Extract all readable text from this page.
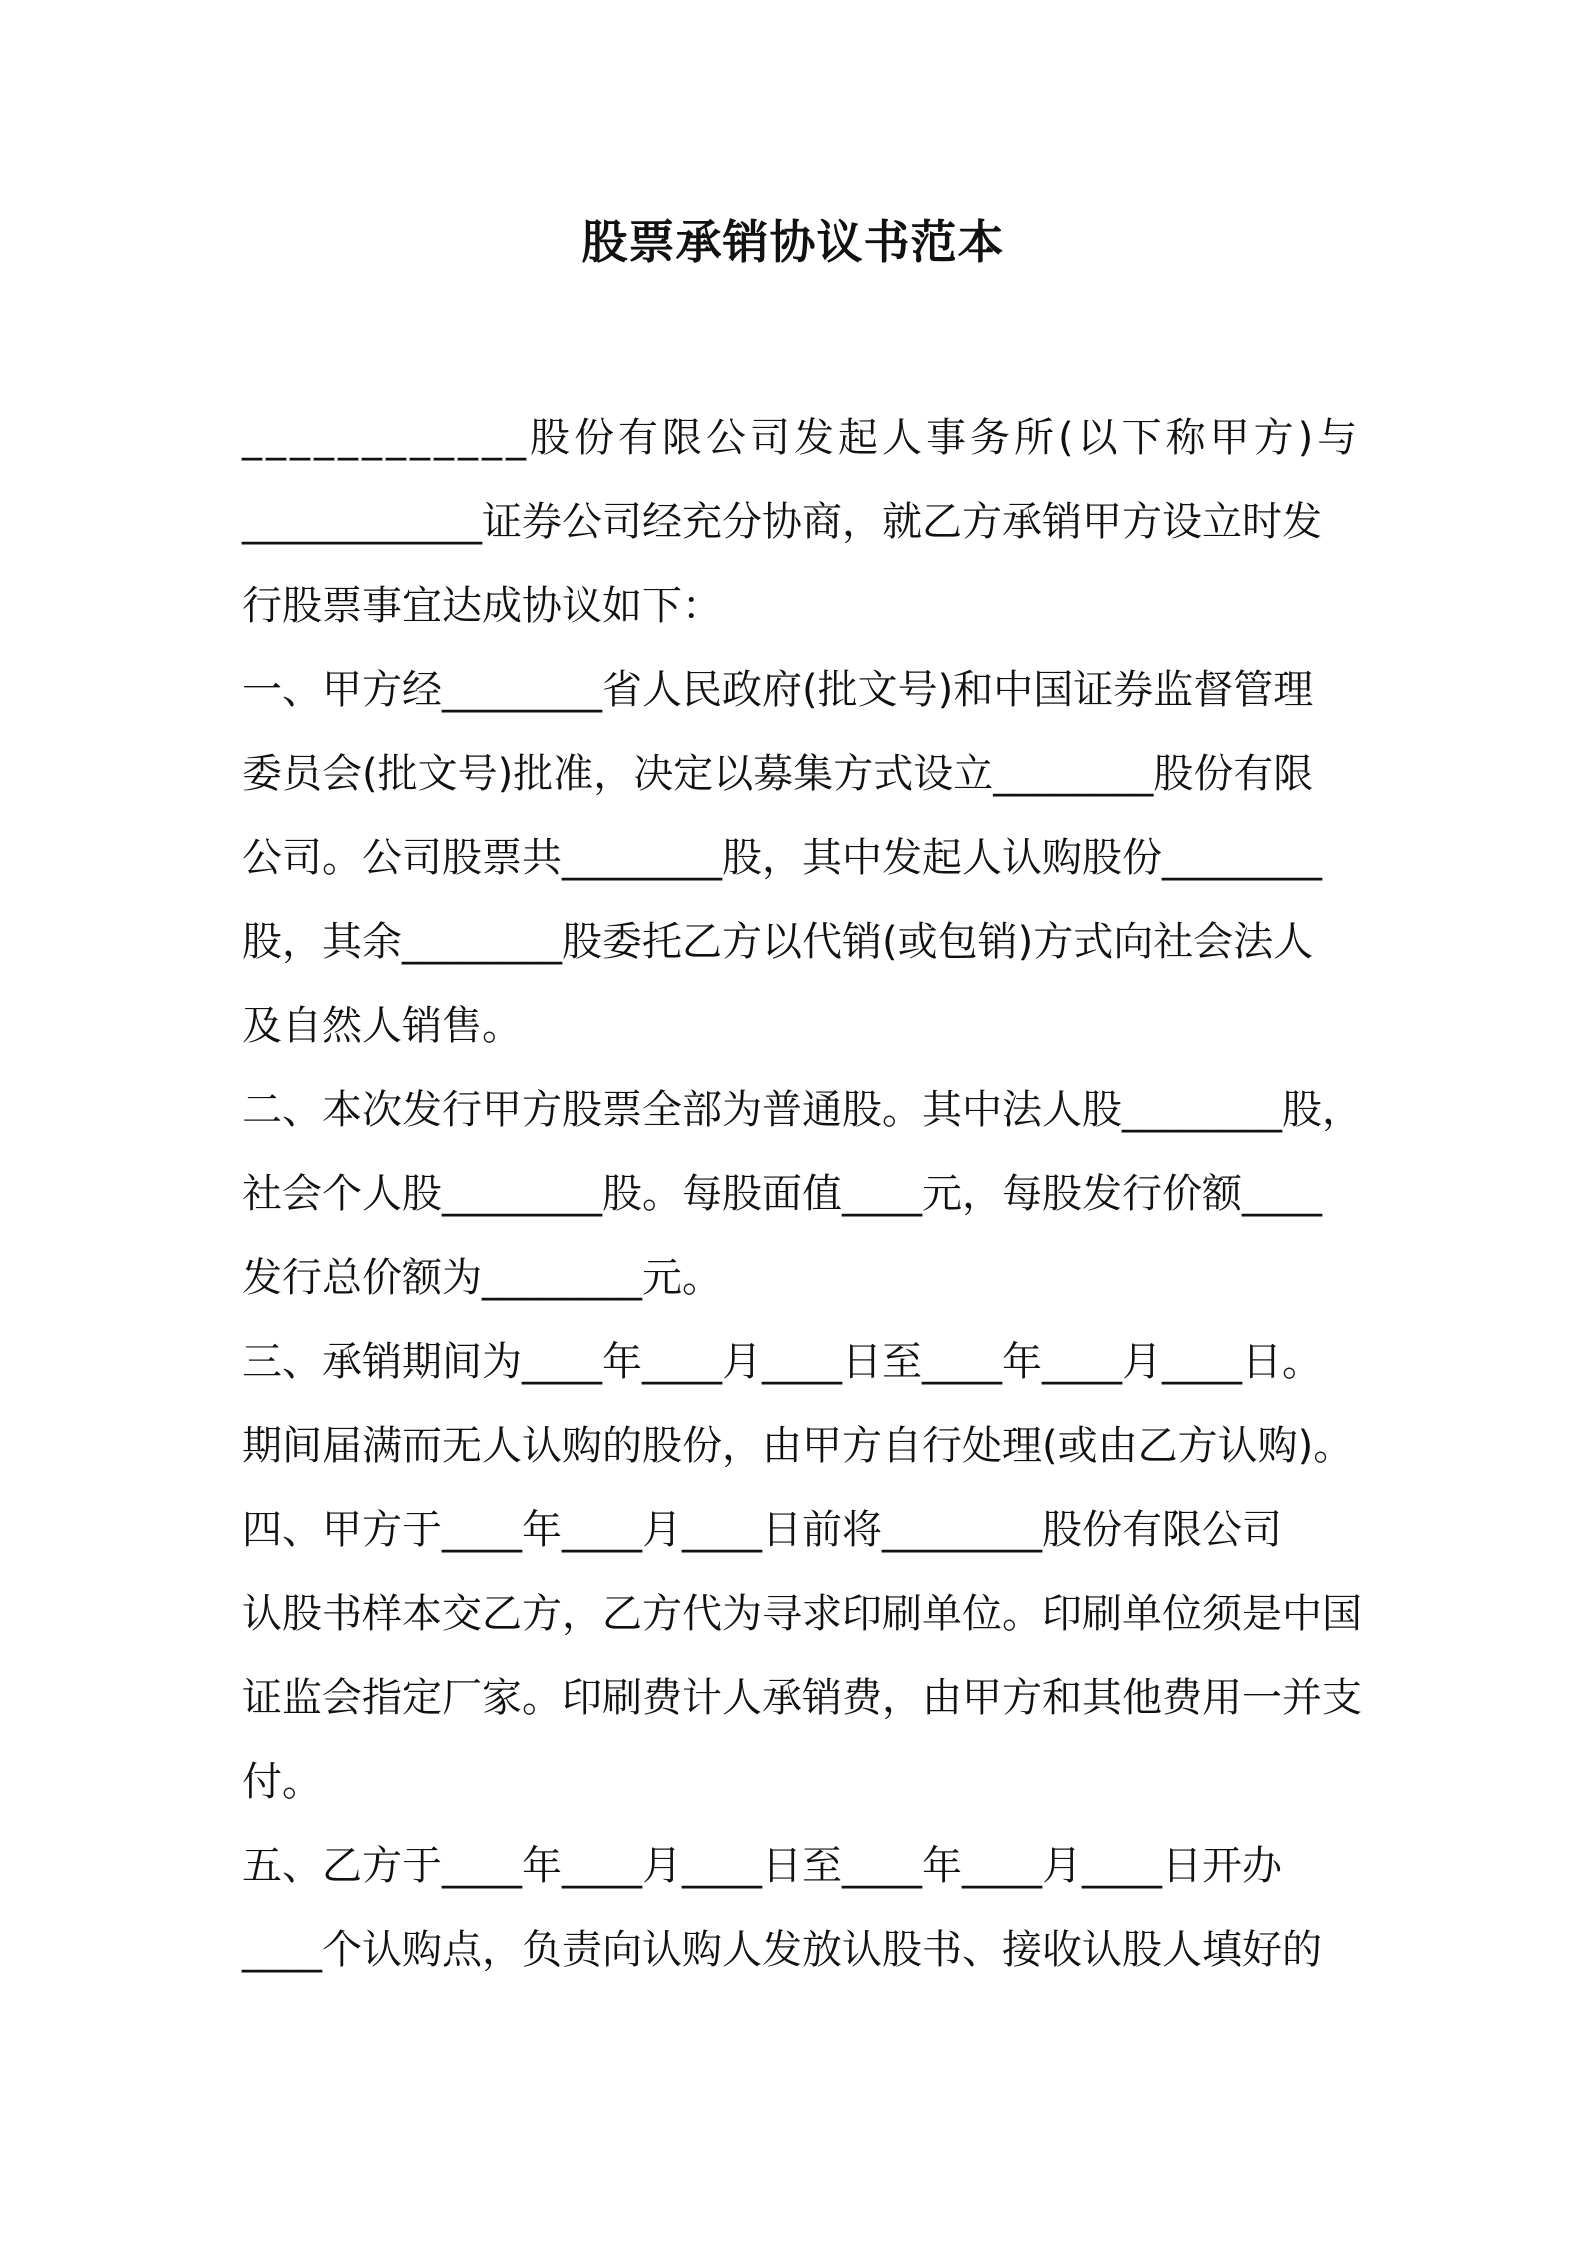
股票承销协议书范本

____________股份有限公司发起人事务所(以下称甲方)与

____________证券公司经充分协商，就乙方承销甲方设立时发

行股票事宜达成协议如下：

一、甲方经________省人民政府(批文号)和中国证券监督管理

委员会(批文号)批准，决定以募集方式设立________股份有限

公司。公司股票共________股，其中发起人认购股份________

股，其余________股委托乙方以代销(或包销)方式向社会法人

及自然人销售。

二、本次发行甲方股票全部为普通股。其中法人股________股，

社会个人股________股。每股面值____元，每股发行价额____

发行总价额为________元。

三、承销期间为____年____月____日至____年____月____日。

期间届满而无人认购的股份，由甲方自行处理(或由乙方认购)。

四、甲方于____年____月____日前将________股份有限公司

认股书样本交乙方，乙方代为寻求印刷单位。印刷单位须是中国

证监会指定厂家。印刷费计人承销费，由甲方和其他费用一并支

付。

五、乙方于____年____月____日至____年____月____日开办

____个认购点，负责向认购人发放认股书、接收认股人填好的
